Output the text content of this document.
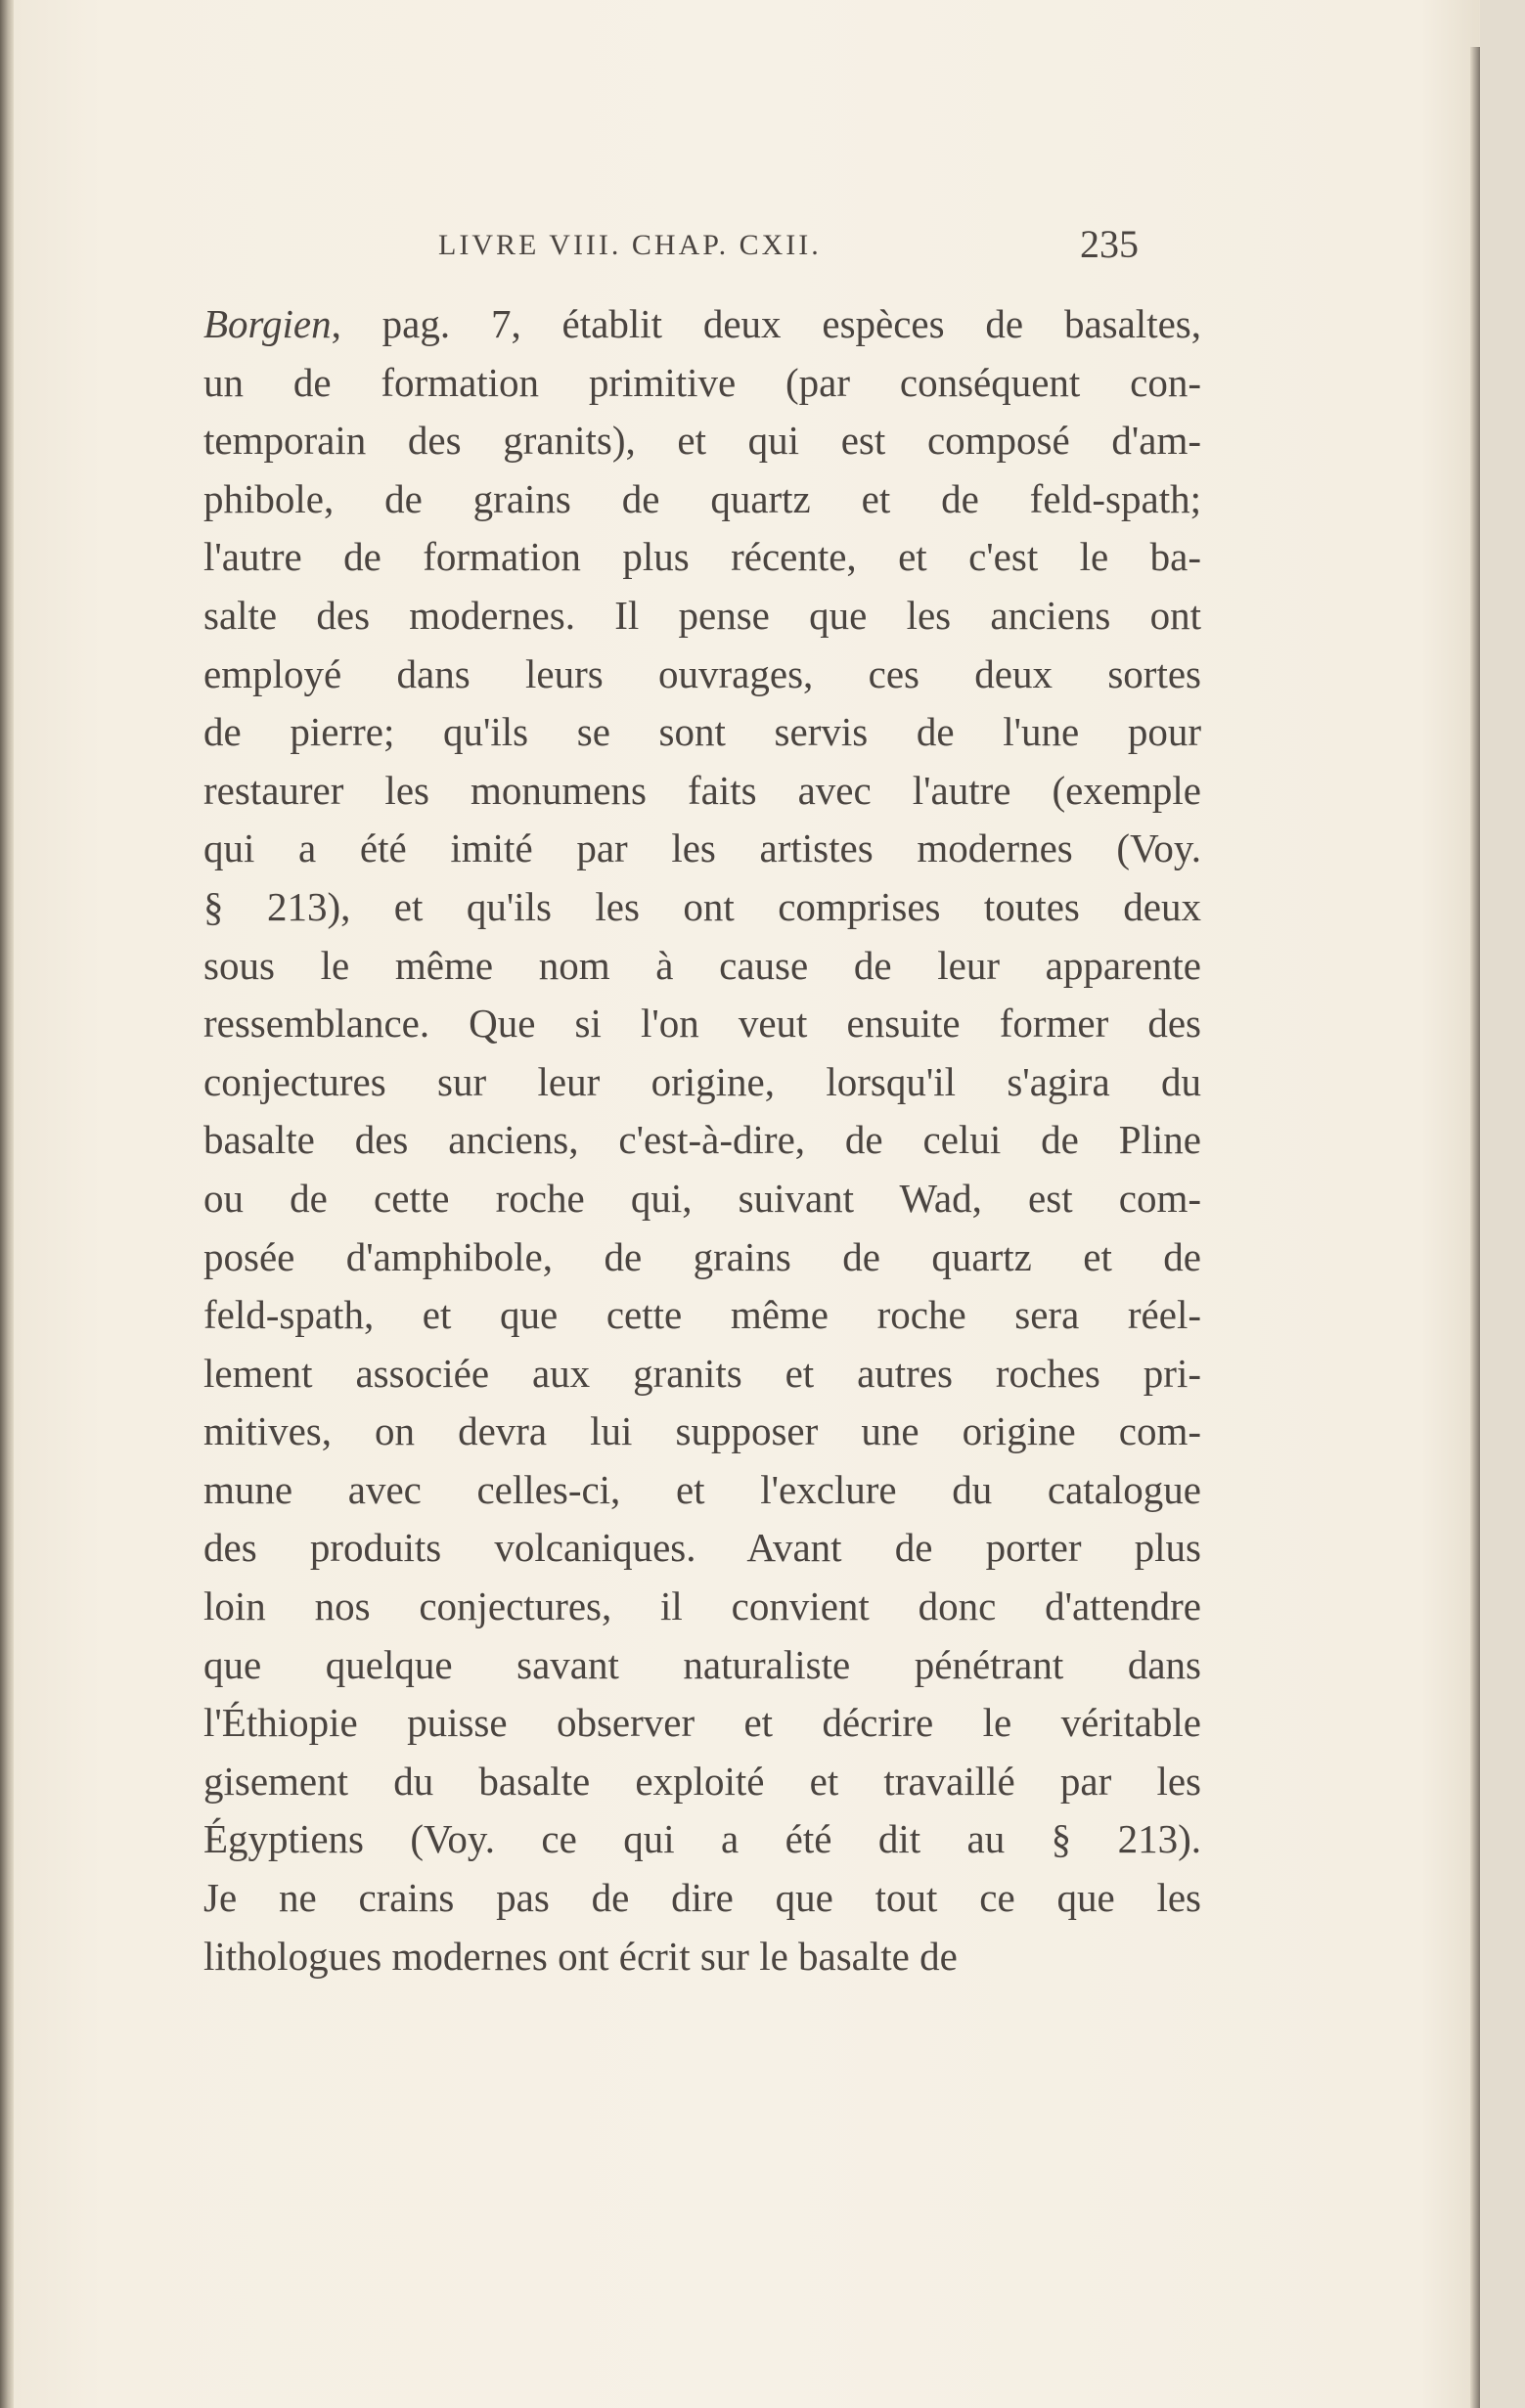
LIVRE VIII. CHAP. CXII.	235
Borgien, pag. 7, établit deux espèces de basaltes,
un de formation primitive (par conséquent con-
temporain des granits), et qui est composé d'am-
phibole, de grains de quartz et de feld-spath;
l'autre de formation plus récente, et c'est le ba-
salte des modernes. Il pense que les anciens ont
employé dans leurs ouvrages, ces deux sortes
de pierre; qu'ils se sont servis de l'une pour
restaurer les monumens faits avec l'autre (exemple
qui a été imité par les artistes modernes (Voy.
§ 213), et qu'ils les ont comprises toutes deux
sous le même nom à cause de leur apparente
ressemblance. Que si l'on veut ensuite former des
conjectures sur leur origine, lorsqu'il s'agira du
basalte des anciens, c'est-à-dire, de celui de Pline
ou de cette roche qui, suivant Wad, est com-
posée d'amphibole, de grains de quartz et de
feld-spath, et que cette même roche sera réel-
lement associée aux granits et autres roches pri-
mitives, on devra lui supposer une origine com-
mune avec celles-ci, et l'exclure du catalogue
des produits volcaniques. Avant de porter plus
loin nos conjectures, il convient donc d'attendre
que quelque savant naturaliste pénétrant dans
l'Éthiopie puisse observer et décrire le véritable
gisement du basalte exploité et travaillé par les
Égyptiens (Voy. ce qui a été dit au § 213).
Je ne crains pas de dire que tout ce que les
lithologues modernes ont écrit sur le basalte de
